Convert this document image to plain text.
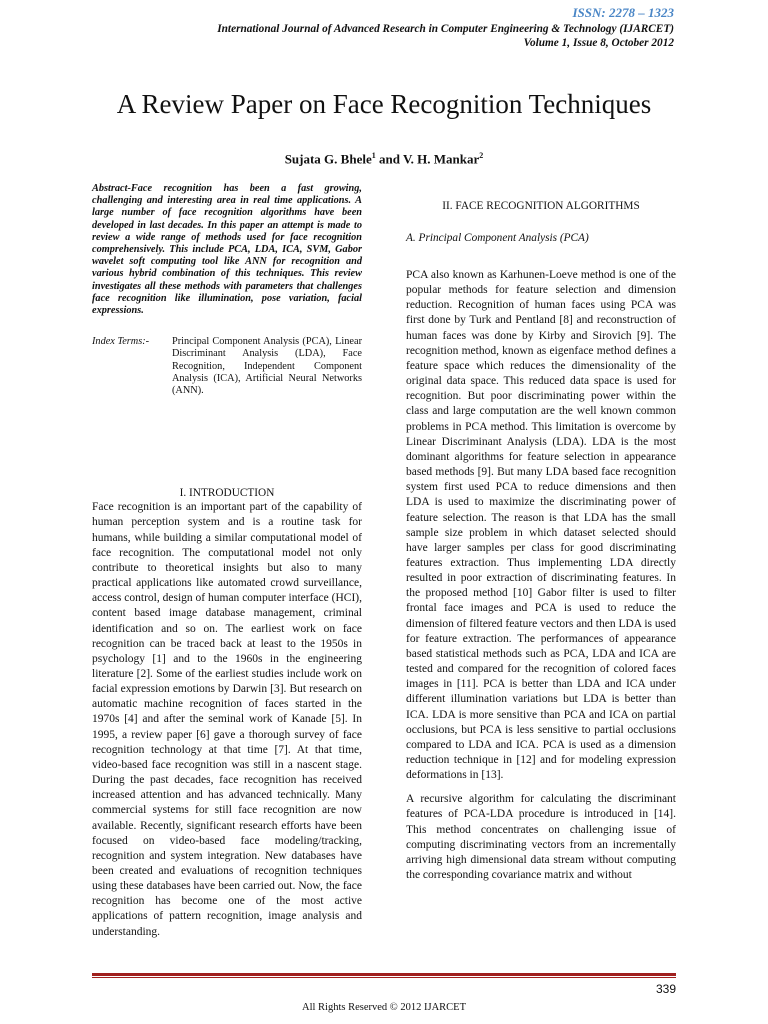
ISSN: 2278 – 1323
International Journal of Advanced Research in Computer Engineering & Technology (IJARCET)
Volume 1, Issue 8, October 2012
A Review Paper on Face Recognition Techniques
Sujata G. Bhele$^1$ and V. H. Mankar$^2$

Abstract-Face recognition has been a fast growing, challenging and interesting area in real time applications. A large number of face recognition algorithms have been developed in last decades. In this paper an attempt is made to review a wide range of methods used for face recognition comprehensively. This include PCA, LDA, ICA, SVM, Gabor wavelet soft computing tool like ANN for recognition and various hybrid combination of this techniques. This review investigates all these methods with parameters that challenges face recognition like illumination, pose variation, facial expressions.

Index Terms:-	Principal Component Analysis (PCA), Linear Discriminant Analysis (LDA), Face Recognition, Independent Component Analysis (ICA), Artificial Neural Networks (ANN).
I. INTRODUCTION

Face recognition is an important part of the capability of human perception system and is a routine task for humans, while building a similar computational model of face recognition. The computational model not only contribute to theoretical insights but also to many practical applications like automated crowd surveillance, access control, design of human computer interface (HCI), content based image database management, criminal identification and so on. The earliest work on face recognition can be traced back at least to the 1950s in psychology [1] and to the 1960s in the engineering literature [2]. Some of the earliest studies include work on facial expression emotions by Darwin [3]. But research on automatic machine recognition of faces started in the 1970s [4] and after the seminal work of Kanade [5]. In 1995, a review paper [6] gave a thorough survey of face recognition technology at that time [7]. At that time, video-based face recognition was still in a nascent stage. During the past decades, face recognition has received increased attention and has advanced technically. Many commercial systems for still face recognition are now available. Recently, significant research efforts have been focused on video-based face modeling/tracking, recognition and system integration. New databases have been created and evaluations of recognition techniques using these databases have been carried out. Now, the face recognition has become one of the most active applications of pattern recognition, image analysis and understanding.

II. FACE RECOGNITION ALGORITHMS
A. Principal Component Analysis (PCA)

PCA also known as Karhunen-Loeve method is one of the popular methods for feature selection and dimension reduction. Recognition of human faces using PCA was first done by Turk and Pentland [8] and reconstruction of human faces was done by Kirby and Sirovich [9]. The recognition method, known as eigenface method defines a feature space which reduces the dimensionality of the original data space. This reduced data space is used for recognition. But poor discriminating power within the class and large computation are the well known common problems in PCA method. This limitation is overcome by Linear Discriminant Analysis (LDA). LDA is the most dominant algorithms for feature selection in appearance based methods [9]. But many LDA based face recognition system first used PCA to reduce dimensions and then LDA is used to maximize the discriminating power of feature selection. The reason is that LDA has the small sample size problem in which dataset selected should have larger samples per class for good discriminating features extraction. Thus implementing LDA directly resulted in poor extraction of discriminating features. In the proposed method [10] Gabor filter is used to filter frontal face images and PCA is used to reduce the dimension of filtered feature vectors and then LDA is used for feature extraction. The performances of appearance based statistical methods such as PCA, LDA and ICA are tested and compared for the recognition of colored faces images in [11]. PCA is better than LDA and ICA under different illumination variations but LDA is better than ICA. LDA is more sensitive than PCA and ICA on partial occlusions, but PCA is less sensitive to partial occlusions compared to LDA and ICA. PCA is used as a dimension reduction technique in [12] and for modeling expression deformations in [13].

A recursive algorithm for calculating the discriminant features of PCA-LDA procedure is introduced in [14]. This method concentrates on challenging issue of computing discriminating vectors from an incrementally arriving high dimensional data stream without computing the corresponding covariance matrix and without

339
All Rights Reserved © 2012 IJARCET
